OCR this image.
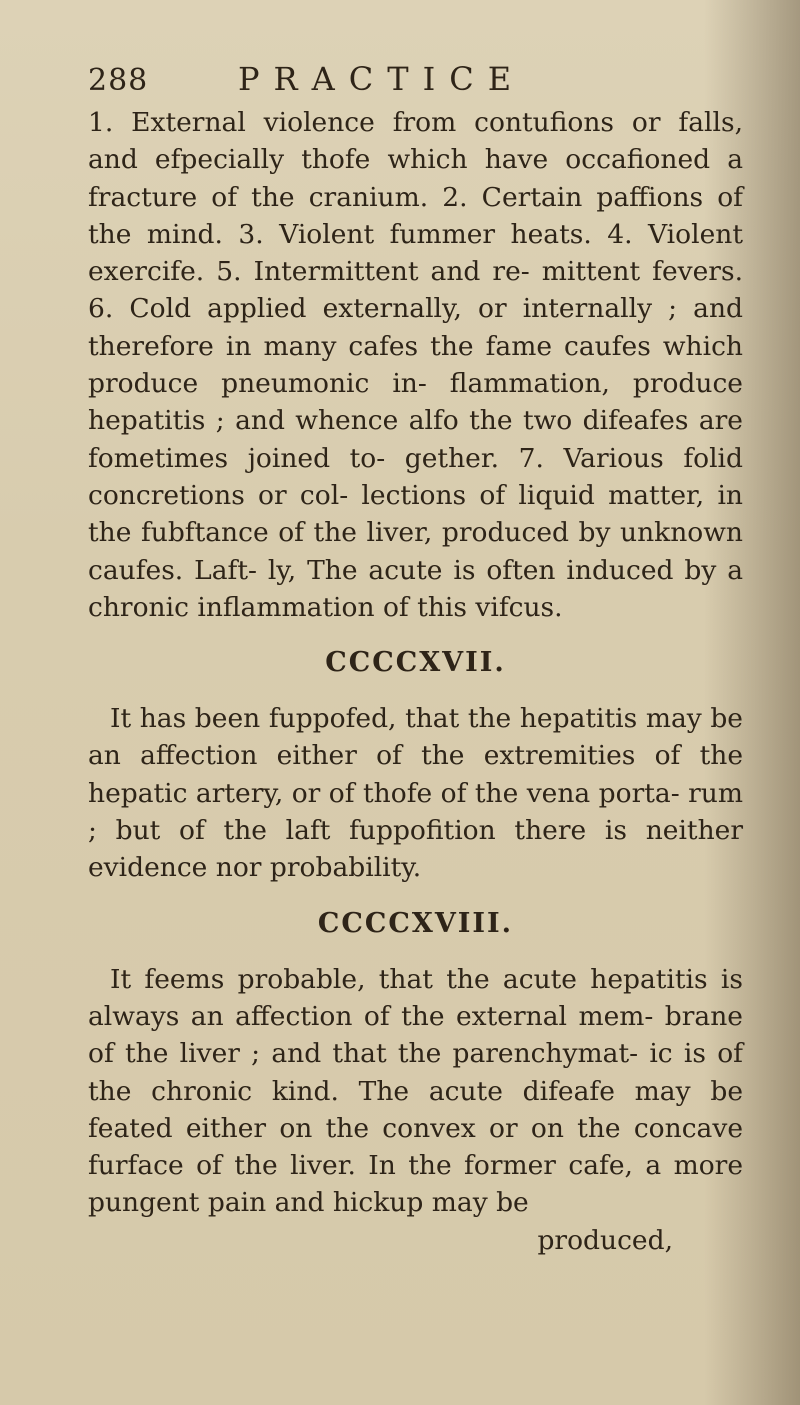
288	PRACTICE

1. External violence from contufions or falls, and efpecially thofe which have occafioned a fracture of the cranium. 2. Certain paffions of the mind. 3. Violent fummer heats. 4. Violent exercife. 5. Intermittent and re- mittent fevers. 6. Cold applied externally, or internally ; and therefore in many cafes the fame caufes which produce pneumonic in- flammation, produce hepatitis ; and whence alfo the two difeafes are fometimes joined to- gether. 7. Various folid concretions or col- lections of liquid matter, in the fubftance of the liver, produced by unknown caufes. Laft- ly, The acute is often induced by a chronic inflammation of this vifcus.

CCCCXVII.

It has been fuppofed, that the hepatitis may be an affection either of the extremities of the hepatic artery, or of thofe of the vena porta- rum ; but of the laft fuppofition there is neither evidence nor probability.

CCCCXVIII.

It feems probable, that the acute hepatitis is always an affection of the external mem- brane of the liver ; and that the parenchymat- ic is of the chronic kind. The acute difeafe may be feated either on the convex or on the concave furface of the liver. In the former cafe, a more pungent pain and hickup may be

produced,
